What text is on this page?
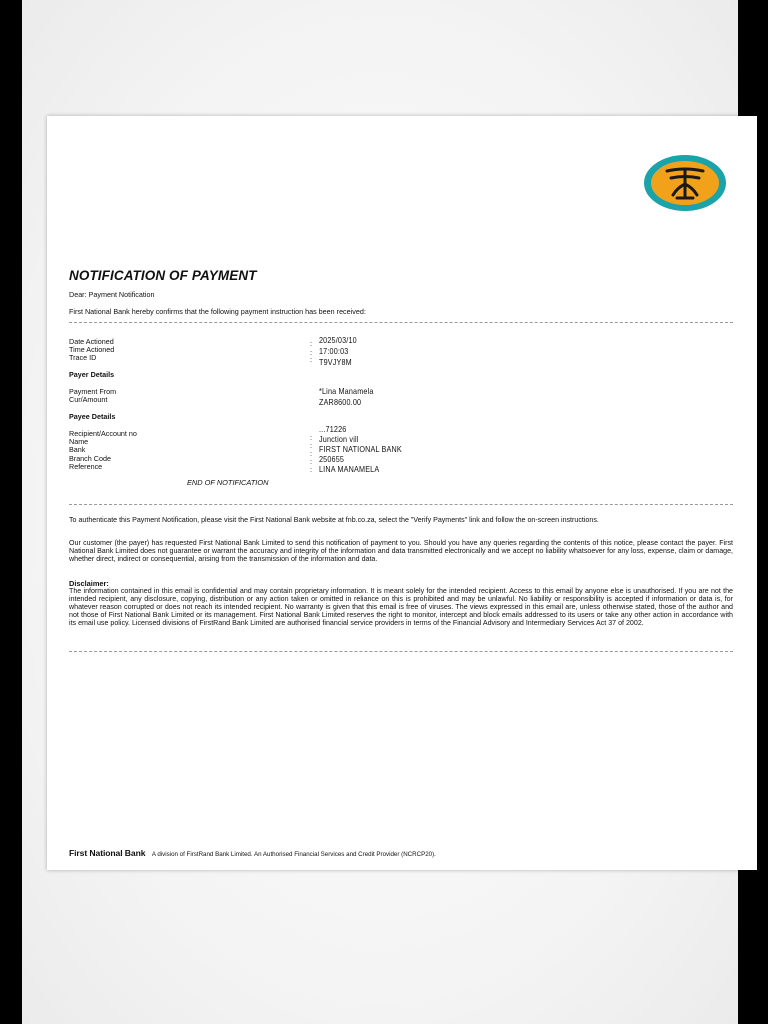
NOTIFICATION OF PAYMENT
Dear: Payment Notification
First National Bank hereby confirms that the following payment instruction has been received:
Date Actioned	: 2025/03/10
Time Actioned	: 17:00:03
Trace ID	: T9VJY8M
Payer Details
Payment From	*Lina Manamela
Cur/Amount	ZAR8600.00
Payee Details
Recipient/Account no	...71226
:
Name	Junction vill
:
Bank	FIRST NATIONAL BANK
:
Branch Code	250655
:
Reference	LINA MANAMELA
:
END OF NOTIFICATION

To authenticate this Payment Notification, please visit the First National Bank website at fnb.co.za, select the "Verify Payments" link and follow the on-screen instructions.

Our customer (the payer) has requested First National Bank Limited to send this notification of payment to you. Should you have any queries regarding the contents of this notice, please contact the payer. First National Bank Limited does not guarantee or warrant the accuracy and integrity of the information and data transmitted electronically and we accept no liability whatsoever for any loss, expense, claim or damage, whether direct, indirect or consequential, arising from the transmission of the information and data.

Disclaimer:

The information contained in this email is confidential and may contain proprietary information. It is meant solely for the intended recipient. Access to this email by anyone else is unauthorised. If you are not the intended recipient, any disclosure, copying, distribution or any action taken or omitted in reliance on this is prohibited and may be unlawful. No liability or responsibility is accepted if information or data is, for whatever reason corrupted or does not reach its intended recipient. No warranty is given that this email is free of viruses. The views expressed in this email are, unless otherwise stated, those of the author and not those of First National Bank Limited or its management. First National Bank Limited reserves the right to monitor, intercept and block emails addressed to its users or take any other action in accordance with its email use policy. Licensed divisions of FirstRand Bank Limited are authorised financial service providers in terms of the Financial Advisory and Intermediary Services Act 37 of 2002.

First National Bank A division of FirstRand Bank Limited. An Authorised Financial Services and Credit Provider (NCRCP20).
